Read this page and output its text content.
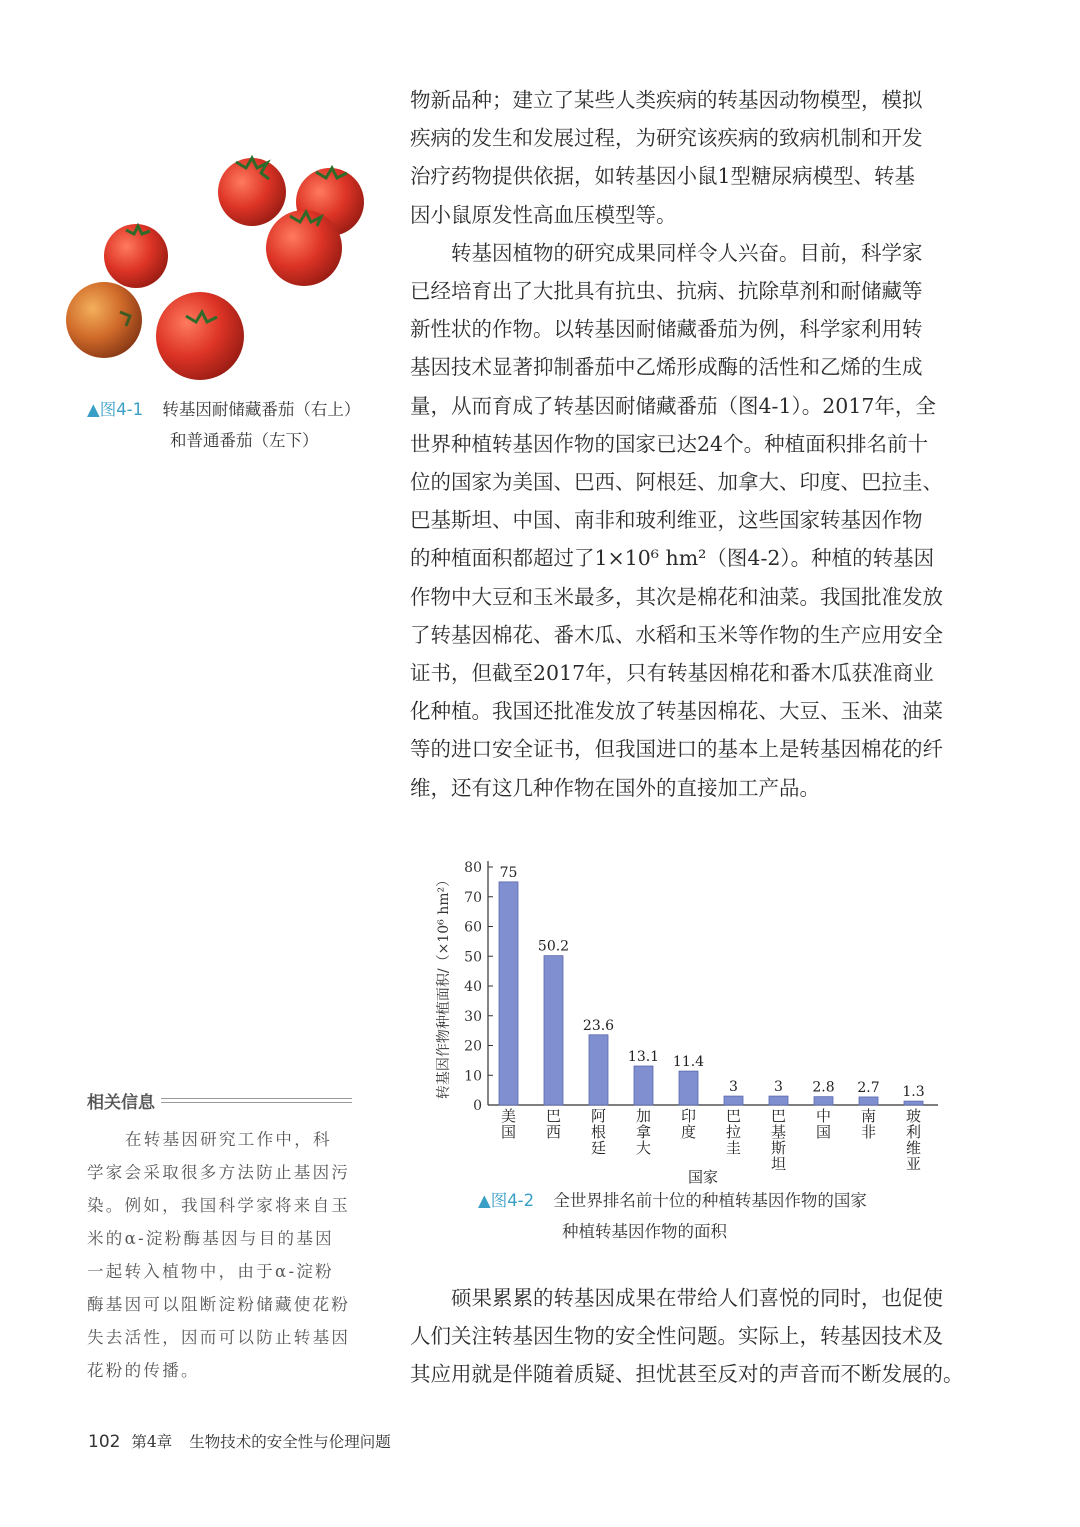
▲图4-1 转基因耐储藏番茄（右上）
和普通番茄（左下）

物新品种；建立了某些人类疾病的转基因动物模型，模拟

疾病的发生和发展过程，为研究该疾病的致病机制和开发

治疗药物提供依据，如转基因小鼠1型糖尿病模型、转基

因小鼠原发性高血压模型等。

转基因植物的研究成果同样令人兴奋。目前，科学家

已经培育出了大批具有抗虫、抗病、抗除草剂和耐储藏等

新性状的作物。以转基因耐储藏番茄为例，科学家利用转

基因技术显著抑制番茄中乙烯形成酶的活性和乙烯的生成

量，从而育成了转基因耐储藏番茄（图4-1）。2017年，全

世界种植转基因作物的国家已达24个。种植面积排名前十

位的国家为美国、巴西、阿根廷、加拿大、印度、巴拉圭、

巴基斯坦、中国、南非和玻利维亚，这些国家转基因作物

的种植面积都超过了1×10⁶ hm²（图4-2）。种植的转基因

作物中大豆和玉米最多，其次是棉花和油菜。我国批准发放

了转基因棉花、番木瓜、水稻和玉米等作物的生产应用安全

证书，但截至2017年，只有转基因棉花和番木瓜获准商业

化种植。我国还批准发放了转基因棉花、大豆、玉米、油菜

等的进口安全证书，但我国进口的基本上是转基因棉花的纤

维，还有这几种作物在国外的直接加工产品。

0
10
20
30
40
50
60
70
80
转基因作物种植面积/（×10⁶ hm²）
75
美国
50.2
巴西
23.6
阿根廷
13.1
加拿大
11.4
印度
3
巴拉圭
3
巴基斯坦
2.8
中国
2.7
南非
1.3
玻利维亚
国家
▲图4-2 全世界排名前十位的种植转基因作物的国家
种植转基因作物的面积
相关信息
在转基因研究工作中，科
学家会采取很多方法防止基因污
染。例如，我国科学家将来自玉
米的α-淀粉酶基因与目的基因
一起转入植物中，由于α-淀粉
酶基因可以阻断淀粉储藏使花粉
失去活性，因而可以防止转基因
花粉的传播。

硕果累累的转基因成果在带给人们喜悦的同时，也促使

人们关注转基因生物的安全性问题。实际上，转基因技术及

其应用就是伴随着质疑、担忧甚至反对的声音而不断发展的。

102 第4章 生物技术的安全性与伦理问题
